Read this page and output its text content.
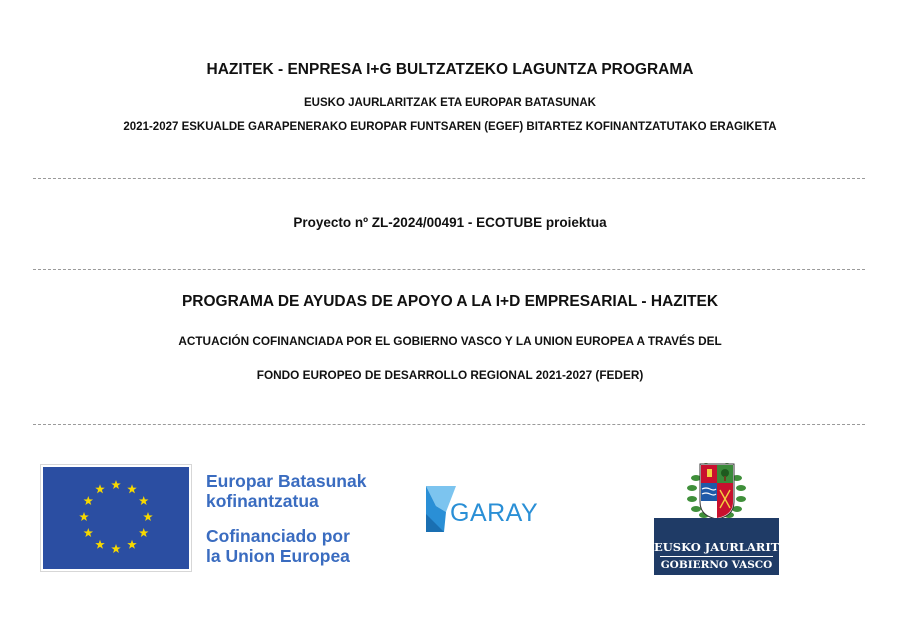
HAZITEK - ENPRESA I+G BULTZATZEKO LAGUNTZA PROGRAMA
EUSKO JAURLARITZAK ETA EUROPAR BATASUNAK
2021-2027 ESKUALDE GARAPENERAKO EUROPAR FUNTSAREN (EGEF) BITARTEZ KOFINANTZATUTAKO ERAGIKETA
Proyecto nº ZL-2024/00491 - ECOTUBE proiektua
PROGRAMA DE AYUDAS DE APOYO A LA I+D EMPRESARIAL - HAZITEK
ACTUACIÓN COFINANCIADA POR EL GOBIERNO VASCO Y LA UNION EUROPEA A TRAVÉS DEL
FONDO EUROPEO DE DESARROLLO REGIONAL 2021-2027 (FEDER)
Europar Batasunak
kofinantzatua
Cofinanciado por
la Union Europea
GARAY
EUSKO JAURLARITZA
GOBIERNO VASCO
